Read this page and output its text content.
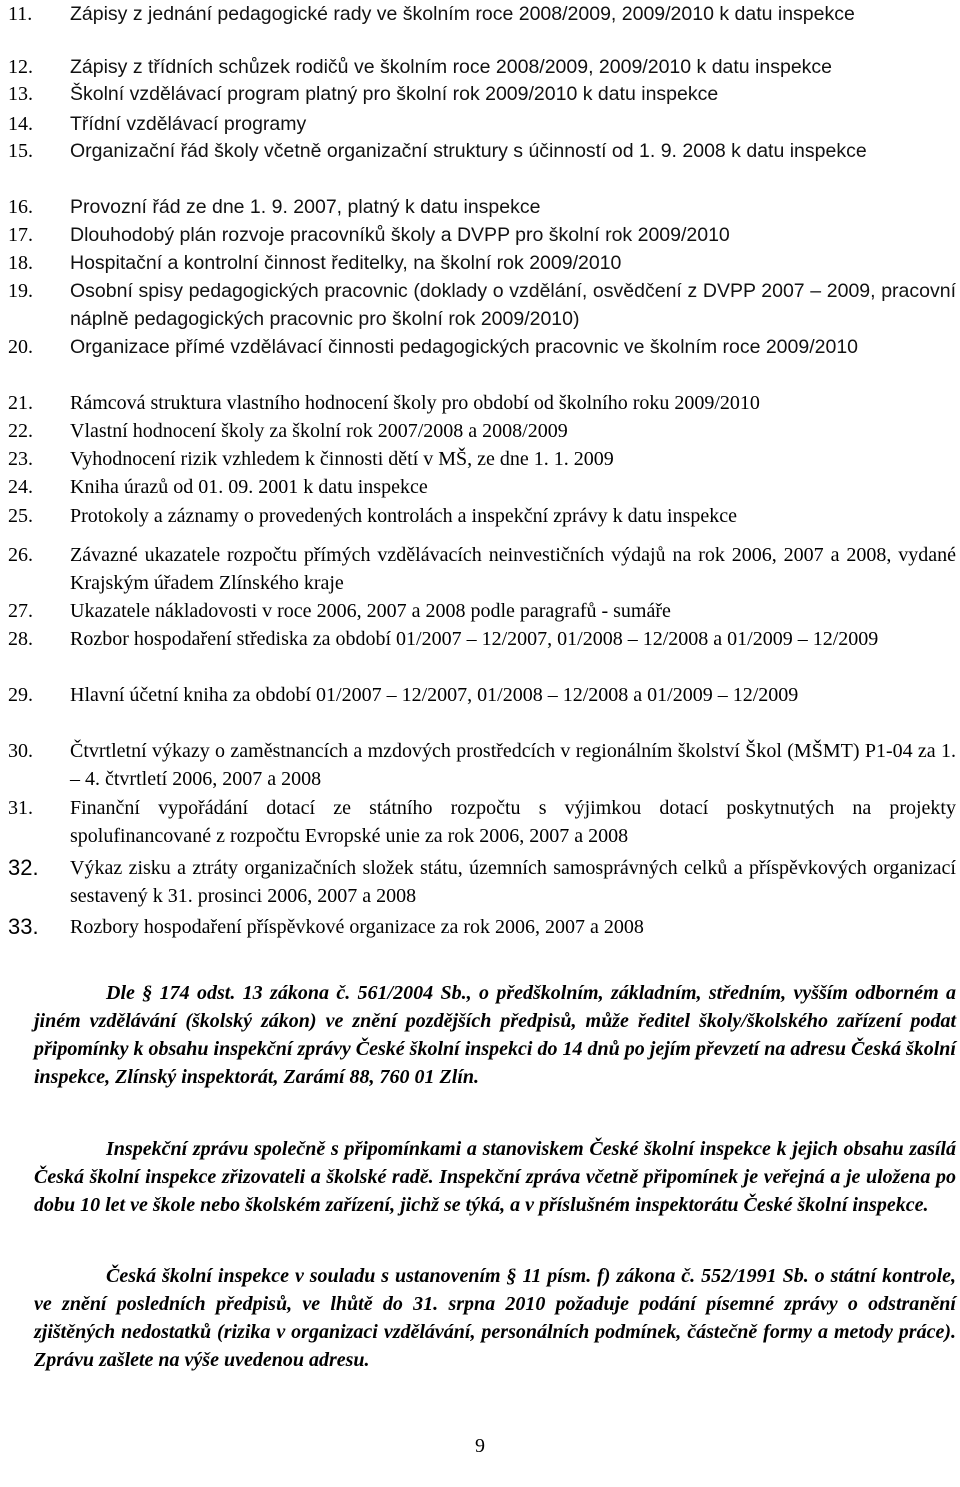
11. Zápisy z jednání pedagogické rady ve školním roce 2008/2009, 2009/2010 k datu inspekce
12. Zápisy z třídních schůzek rodičů ve školním roce 2008/2009, 2009/2010 k datu inspekce
13. Školní vzdělávací program platný pro školní rok 2009/2010 k datu inspekce
14. Třídní vzdělávací programy
15. Organizační řád školy včetně organizační struktury s účinností od 1. 9. 2008 k datu inspekce
16. Provozní řád ze dne 1. 9. 2007, platný k datu inspekce
17. Dlouhodobý plán rozvoje pracovníků školy a DVPP pro školní rok 2009/2010
18. Hospitační a kontrolní činnost ředitelky, na školní rok 2009/2010
19. Osobní spisy pedagogických pracovnic (doklady o vzdělání, osvědčení z DVPP 2007 – 2009, pracovní náplně pedagogických pracovnic pro školní rok 2009/2010)
20. Organizace přímé vzdělávací činnosti pedagogických pracovnic ve školním roce 2009/2010
21. Rámcová struktura vlastního hodnocení školy pro období od školního roku 2009/2010
22. Vlastní hodnocení školy za školní rok 2007/2008 a 2008/2009
23. Vyhodnocení rizik vzhledem k činnosti dětí v MŠ, ze dne 1. 1. 2009
24. Kniha úrazů od 01. 09. 2001 k datu inspekce
25. Protokoly a záznamy o provedených kontrolách a inspekční zprávy k datu inspekce
26. Závazné ukazatele rozpočtu přímých vzdělávacích neinvestičních výdajů na rok 2006, 2007 a 2008, vydané Krajským úřadem Zlínského kraje
27. Ukazatele nákladovosti v roce 2006, 2007 a 2008 podle paragrafů - sumáře
28. Rozbor hospodaření střediska za období 01/2007 – 12/2007, 01/2008 – 12/2008 a 01/2009 – 12/2009
29. Hlavní účetní kniha za období 01/2007 – 12/2007, 01/2008 – 12/2008 a 01/2009 – 12/2009
30. Čtvrtletní výkazy o zaměstnancích a mzdových prostředcích v regionálním školství Škol (MŠMT) P1-04 za 1. – 4. čtvrtletí 2006, 2007 a 2008
31. Finanční vypořádání dotací ze státního rozpočtu s výjimkou dotací poskytnutých na projekty spolufinancované z rozpočtu Evropské unie za rok 2006, 2007 a 2008
32. Výkaz zisku a ztráty organizačních složek státu, územních samosprávných celků a příspěvkových organizací sestavený k 31. prosinci 2006, 2007 a 2008
33. Rozbory hospodaření příspěvkové organizace za rok 2006, 2007 a 2008

Dle § 174 odst. 13 zákona č. 561/2004 Sb., o předškolním, základním, středním, vyšším odborném a jiném vzdělávání (školský zákon) ve znění pozdějších předpisů, může ředitel školy/školského zařízení podat připomínky k obsahu inspekční zprávy České školní inspekci do 14 dnů po jejím převzetí na adresu Česká školní inspekce, Zlínský inspektorát, Zarámí 88, 760 01 Zlín.

Inspekční zprávu společně s připomínkami a stanoviskem České školní inspekce k jejich obsahu zasílá Česká školní inspekce zřizovateli a školské radě. Inspekční zpráva včetně připomínek je veřejná a je uložena po dobu 10 let ve škole nebo školském zařízení, jichž se týká, a v příslušném inspektorátu České školní inspekce.

Česká školní inspekce v souladu s ustanovením § 11 písm. f) zákona č. 552/1991 Sb. o státní kontrole, ve znění posledních předpisů, ve lhůtě do 31. srpna 2010 požaduje podání písemné zprávy o odstranění zjištěných nedostatků (rizika v organizaci vzdělávání, personálních podmínek, částečně formy a metody práce). Zprávu zašlete na výše uvedenou adresu.

9
